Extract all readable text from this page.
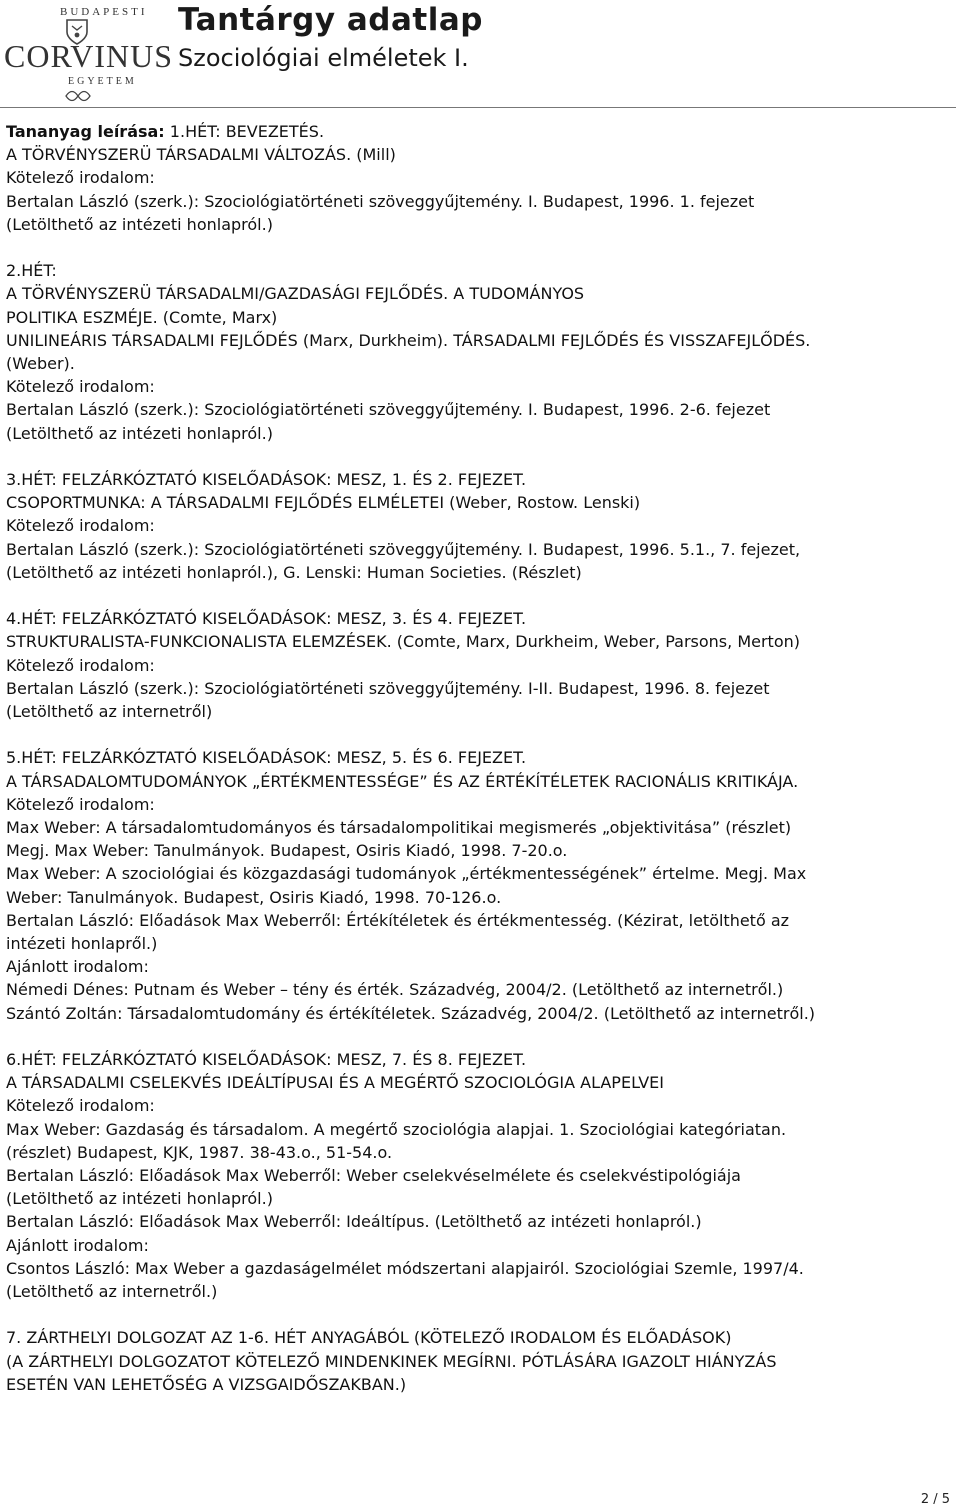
BUDAPESTI
CORVINUS
EGYETEM
Tantárgy adatlap
Szociológiai elméletek I.

Tananyag leírása: 1.HÉT: BEVEZETÉS.

A TÖRVÉNYSZERÜ TÁRSADALMI VÁLTOZÁS. (Mill)

Kötelező irodalom:

Bertalan László (szerk.): Szociológiatörténeti szöveggyűjtemény. I. Budapest, 1996. 1. fejezet

(Letölthető az intézeti honlapról.)

2.HÉT:

A TÖRVÉNYSZERÜ TÁRSADALMI/GAZDASÁGI FEJLŐDÉS. A TUDOMÁNYOS

POLITIKA ESZMÉJE. (Comte, Marx)

UNILINEÁRIS TÁRSADALMI FEJLŐDÉS (Marx, Durkheim). TÁRSADALMI FEJLŐDÉS ÉS VISSZAFEJLŐDÉS.

(Weber).

Kötelező irodalom:

Bertalan László (szerk.): Szociológiatörténeti szöveggyűjtemény. I. Budapest, 1996. 2-6. fejezet

(Letölthető az intézeti honlapról.)

3.HÉT: FELZÁRKÓZTATÓ KISELŐADÁSOK: MESZ, 1. ÉS 2. FEJEZET.

CSOPORTMUNKA: A TÁRSADALMI FEJLŐDÉS ELMÉLETEI (Weber, Rostow. Lenski)

Kötelező irodalom:

Bertalan László (szerk.): Szociológiatörténeti szöveggyűjtemény. I. Budapest, 1996. 5.1., 7. fejezet,

(Letölthető az intézeti honlapról.), G. Lenski: Human Societies. (Részlet)

4.HÉT: FELZÁRKÓZTATÓ KISELŐADÁSOK: MESZ, 3. ÉS 4. FEJEZET.

STRUKTURALISTA-FUNKCIONALISTA ELEMZÉSEK. (Comte, Marx, Durkheim, Weber, Parsons, Merton)

Kötelező irodalom:

Bertalan László (szerk.): Szociológiatörténeti szöveggyűjtemény. I-II. Budapest, 1996. 8. fejezet

(Letölthető az internetről)

5.HÉT: FELZÁRKÓZTATÓ KISELŐADÁSOK: MESZ, 5. ÉS 6. FEJEZET.

A TÁRSADALOMTUDOMÁNYOK „ÉRTÉKMENTESSÉGE” ÉS AZ ÉRTÉKÍTÉLETEK RACIONÁLIS KRITIKÁJA.

Kötelező irodalom:

Max Weber: A társadalomtudományos és társadalompolitikai megismerés „objektivitása” (részlet)

Megj. Max Weber: Tanulmányok. Budapest, Osiris Kiadó, 1998. 7-20.o.

Max Weber: A szociológiai és közgazdasági tudományok „értékmentességének” értelme. Megj. Max

Weber: Tanulmányok. Budapest, Osiris Kiadó, 1998. 70-126.o.

Bertalan László: Előadások Max Weberről: Értékítéletek és értékmentesség. (Kézirat, letölthető az

intézeti honlapről.)

Ajánlott irodalom:

Némedi Dénes: Putnam és Weber – tény és érték. Századvég, 2004/2. (Letölthető az internetről.)

Szántó Zoltán: Társadalomtudomány és értékítéletek. Századvég, 2004/2. (Letölthető az internetről.)

6.HÉT: FELZÁRKÓZTATÓ KISELŐADÁSOK: MESZ, 7. ÉS 8. FEJEZET.

A TÁRSADALMI CSELEKVÉS IDEÁLTÍPUSAI ÉS A MEGÉRTŐ SZOCIOLÓGIA ALAPELVEI

Kötelező irodalom:

Max Weber: Gazdaság és társadalom. A megértő szociológia alapjai. 1. Szociológiai kategóriatan.

(részlet) Budapest, KJK, 1987. 38-43.o., 51-54.o.

Bertalan László: Előadások Max Weberről: Weber cselekvéselmélete és cselekvéstipológiája

(Letölthető az intézeti honlapról.)

Bertalan László: Előadások Max Weberről: Ideáltípus. (Letölthető az intézeti honlapról.)

Ajánlott irodalom:

Csontos László: Max Weber a gazdaságelmélet módszertani alapjairól. Szociológiai Szemle, 1997/4.

(Letölthető az internetről.)

7. ZÁRTHELYI DOLGOZAT AZ 1-6. HÉT ANYAGÁBÓL (KÖTELEZŐ IRODALOM ÉS ELŐADÁSOK)

(A ZÁRTHELYI DOLGOZATOT KÖTELEZŐ MINDENKINEK MEGÍRNI. PÓTLÁSÁRA IGAZOLT HIÁNYZÁS

ESETÉN VAN LEHETŐSÉG A VIZSGAIDŐSZAKBAN.)

2 / 5
